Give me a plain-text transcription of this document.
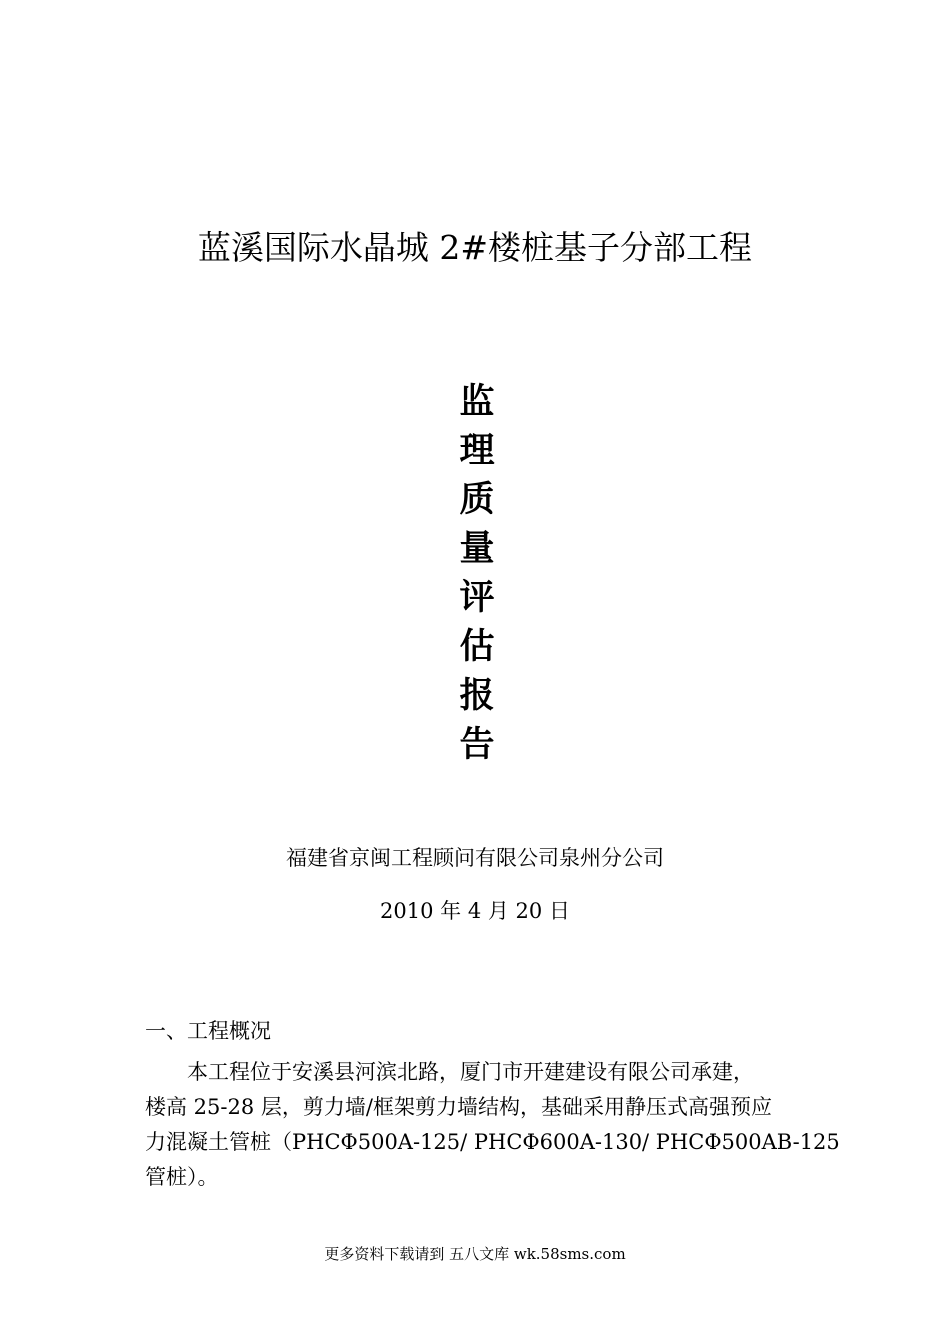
蓝溪国际水晶城 2#楼桩基子分部工程
监
理
质
量
评
估
报
告
福建省京闽工程顾问有限公司泉州分公司
2010 年 4 月 20 日
一、工程概况
本工程位于安溪县河滨北路，厦门市开建建设有限公司承建，
楼高 25-28 层，剪力墙/框架剪力墙结构，基础采用静压式高强预应
力混凝土管桩（PHCΦ500A-125/ PHCΦ600A-130/ PHCΦ500AB-125
管桩）。
更多资料下载请到 五八文库 wk.58sms.com
